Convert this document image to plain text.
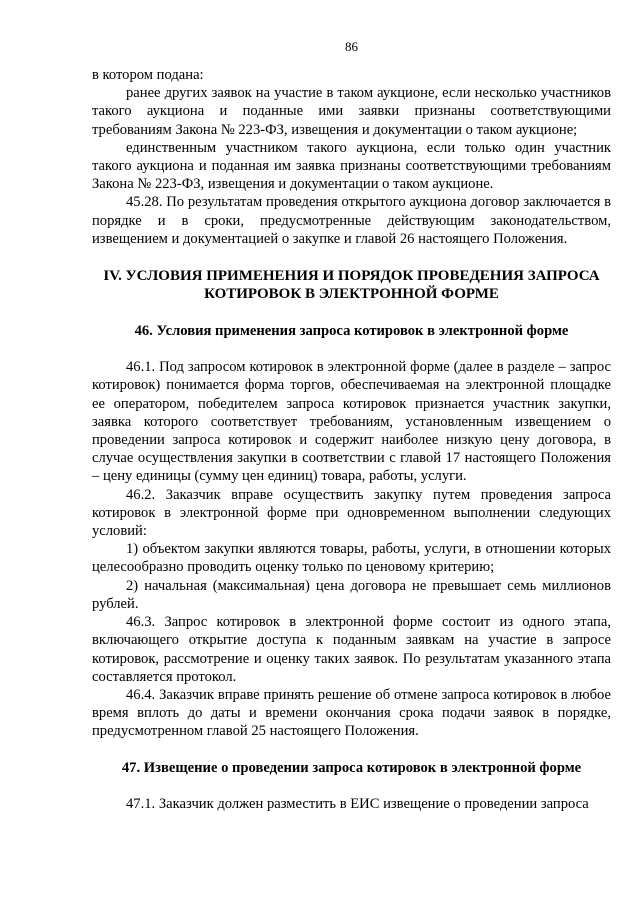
86

в котором подана:

ранее других заявок на участие в таком аукционе, если несколько участников такого аукциона и поданные ими заявки признаны соответствующими требованиям Закона № 223-ФЗ, извещения и документации о таком аукционе;

единственным участником такого аукциона, если только один участник такого аукциона и поданная им заявка признаны соответствующими требованиям Закона № 223-ФЗ, извещения и документации о таком аукционе.

45.28. По результатам проведения открытого аукциона договор заключается в порядке и в сроки, предусмотренные действующим законодательством, извещением и документацией о закупке и главой 26 настоящего Положения.

IV. УСЛОВИЯ ПРИМЕНЕНИЯ И ПОРЯДОК ПРОВЕДЕНИЯ ЗАПРОСА КОТИРОВОК В ЭЛЕКТРОННОЙ ФОРМЕ
46. Условия применения запроса котировок в электронной форме

46.1. Под запросом котировок в электронной форме (далее в разделе – запрос котировок) понимается форма торгов, обеспечиваемая на электронной площадке ее оператором, победителем запроса котировок признается участник закупки, заявка которого соответствует требованиям, установленным извещением о проведении запроса котировок и содержит наиболее низкую цену договора, в случае осуществления закупки в соответствии с главой 17 настоящего Положения – цену единицы (сумму цен единиц) товара, работы, услуги.

46.2. Заказчик вправе осуществить закупку путем проведения запроса котировок в электронной форме при одновременном выполнении следующих условий:

1) объектом закупки являются товары, работы, услуги, в отношении которых целесообразно проводить оценку только по ценовому критерию;

2) начальная (максимальная) цена договора не превышает семь миллионов рублей.

46.3. Запрос котировок в электронной форме состоит из одного этапа, включающего открытие доступа к поданным заявкам на участие в запросе котировок, рассмотрение и оценку таких заявок. По результатам указанного этапа составляется протокол.

46.4. Заказчик вправе принять решение об отмене запроса котировок в любое время вплоть до даты и времени окончания срока подачи заявок в порядке, предусмотренном главой 25 настоящего Положения.

47. Извещение о проведении запроса котировок в электронной форме

47.1. Заказчик должен разместить в ЕИС извещение о проведении запроса
